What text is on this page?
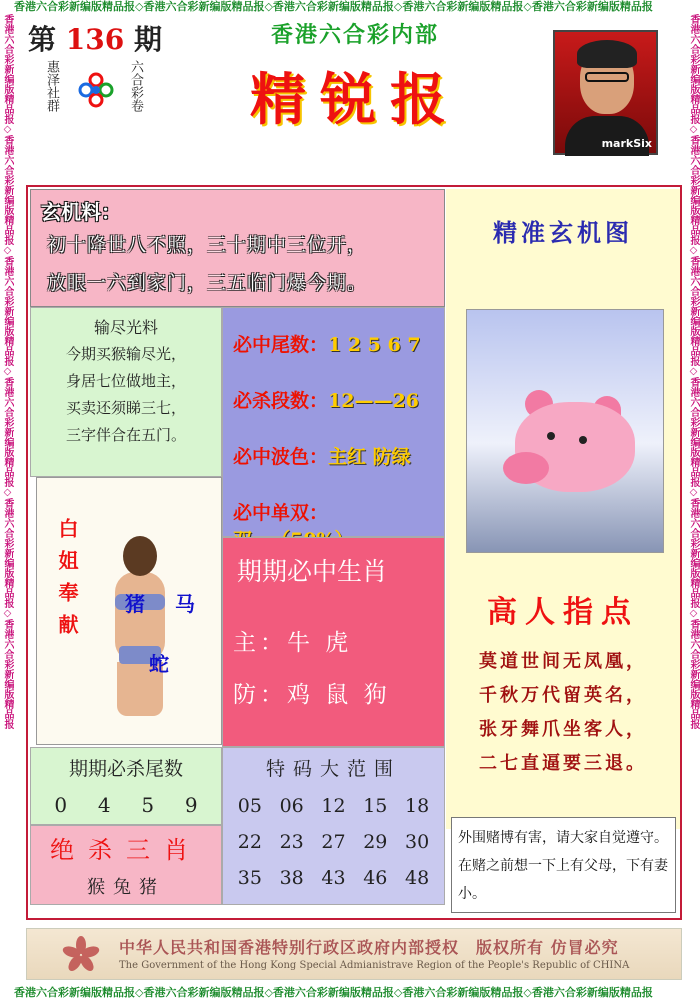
香港六合彩新编版精品报◇香港六合彩新编版精品报◇香港六合彩新编版精品报◇香港六合彩新编版精品报◇香港六合彩新编版精品报
香港六合彩新编版精品报◇香港六合彩新编版精品报◇香港六合彩新编版精品报◇香港六合彩新编版精品报◇香港六合彩新编版精品报
香港六合彩新编版精品报◇香港六合彩新编版精品报◇香港六合彩新编版精品报◇香港六合彩新编版精品报◇香港六合彩新编版精品报◇香港六合彩新编版精品报	香港六合彩新编版精品报◇香港六合彩新编版精品报◇香港六合彩新编版精品报◇香港六合彩新编版精品报◇香港六合彩新编版精品报◇香港六合彩新编版精品报
第 136 期
惠泽社群	六合彩卷
香港六合彩内部
精锐报
markSix
玄机料：
初十降世八不照，三十期中三位开，
放眼一六到家门，三五临门爆今期。
输尽光料
今期买猴输尽光，
身居七位做地主，
买卖还须睇三七，
三字伴合在五门。
必中尾数：1 2 5 6 7
必杀段数：12——26
必中波色：主红 防绿
必中单双：
白姐奉献 猪 马
蛇
期期必中生肖
主：牛 虎
防：鸡 鼠 狗
期期必杀尾数
0 4 5 9
绝杀三肖
猴兔猪
特码大范围
05 06 12 15 18
22 23 27 29 30
35 38 43 46 48
精准玄机图
高人指点
莫道世间无凤凰，
千秋万代留英名，
张牙舞爪坐客人，
二七直逼要三退。
外围赌博有害，请大家自觉遵守。在赌之前想一下上有父母，下有妻小。
中华人民共和国香港特别行政区政府内部授权　版权所有 仿冒必究
The Government of the Hong Kong Special Admianistrave Region of the People's Republic of CHINA
